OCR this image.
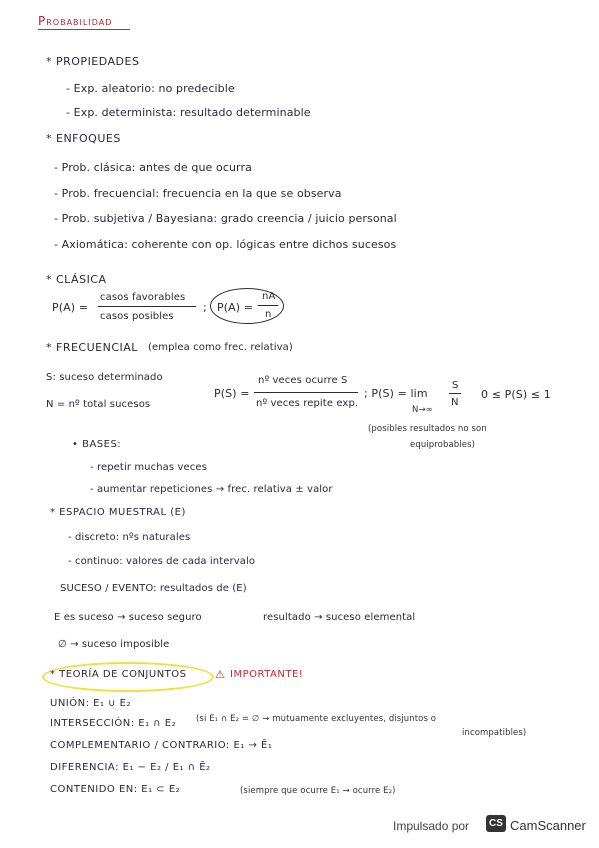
Probabilidad
* PROPIEDADES
- Exp. aleatorio: no predecible
- Exp. determinista: resultado determinable
* ENFOQUES
- Prob. clásica: antes de que ocurra
- Prob. frecuencial: frecuencia en la que se observa
- Prob. subjetiva / Bayesiana: grado creencia / juicio personal
- Axiomática: coherente con op. lógicas entre dichos sucesos
* CLÁSICA
P(A) =
casos favorables
casos posibles
; P(A) =
nA
n
* FRECUENCIAL (emplea como frec. relativa)
S: suceso determinado
N = nº total sucesos
P(S) =
nº veces ocurre S
nº veces repite exp.
; P(S) = lim
N→∞
S
N
0 ≤ P(S) ≤ 1
(posibles resultados no son
equiprobables)
• BASES:
- repetir muchas veces
- aumentar repeticiones → frec. relativa ± valor
* ESPACIO MUESTRAL (E)
- discreto: nºs naturales
- continuo: valores de cada intervalo
SUCESO / EVENTO: resultados de (E)
E es suceso → suceso seguro	resultado → suceso elemental
∅ → suceso imposible
* TEORÍA DE CONJUNTOS	⚠ IMPORTANTE!
UNIÓN: E₁ ∪ E₂
INTERSECCIÓN: E₁ ∩ E₂ (si E₁ ∩ E₂ = ∅ → mutuamente excluyentes, disjuntos o
incompatibles)
COMPLEMENTARIO / CONTRARIO: E₁ → Ē₁
DIFERENCIA: E₁ − E₂ / E₁ ∩ Ē₂
CONTENIDO EN: E₁ ⊂ E₂	(siempre que ocurre E₁ → ocurre E₂)
Impulsado por	CS CamScanner
